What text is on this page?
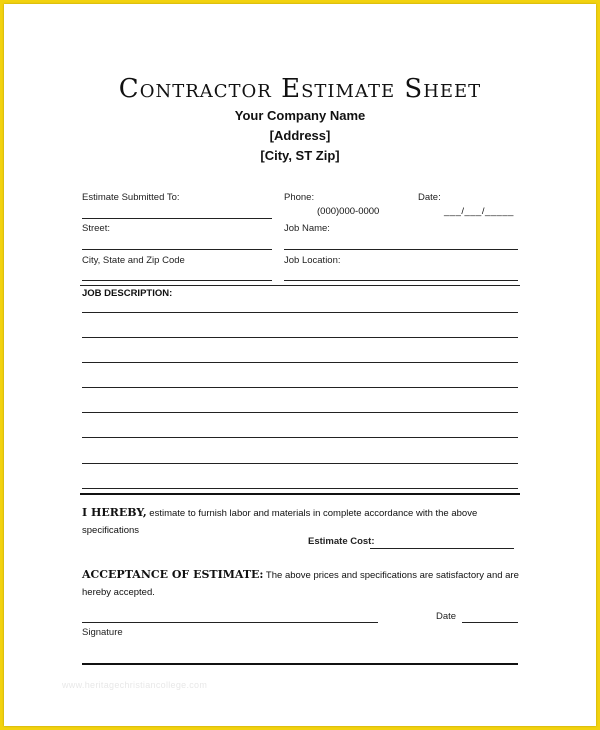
Contractor Estimate Sheet
Your Company Name
[Address]
[City, ST Zip]
Estimate Submitted To:	Phone:	Date:
(000)000-0000	___/___/_____
Street:	Job Name:
City, State and Zip Code	Job Location:
JOB DESCRIPTION:
I HEREBY, estimate to furnish labor and materials in complete accordance with the above specifications
Estimate Cost:
ACCEPTANCE OF ESTIMATE: The above prices and specifications are satisfactory and are hereby accepted.
Date
Signature
www.heritagechristiancollege.com
